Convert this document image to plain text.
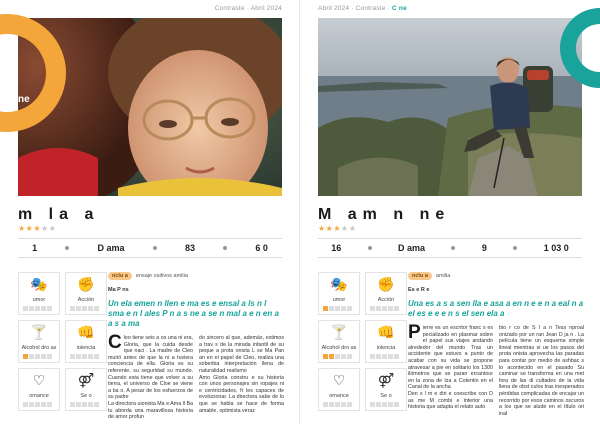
Contraste · Abril 2024
C ne
m la a
★★★★★
1	D ama	83	6 0
🎭
umor
✊
Acción
🍸
Alcohol dro as
👊
iolencia
♡
omance
⚤
Se o
nclu a	ensaje ositivos amilia
Ma P ns
Un ela emen n llen e ma es e ensal a ls n l sma e n l ales P n a s ne a se n mal a e n en a a s a ma
C leo tiene seis a os una ni era, Gloria, que la cuida desde que naci . La madre de Cleo murió antes de que la ni a tuviera conciencia de ella. Gloria es su referente, su seguridad su mundo. Cuando esta tiene que volver a su tierra, el universo de Cloe se viene a ba o. A pesar de los esfuerzos de su padre

La directora uionista Ma e Ama ll Ba tu aborda una maravillosa historia de amor profun

do sincero al que, además, estimos a trav s de la mirada infantil de su peque a prota onista L se Ma Pan an en el papel de Cleo, realiza una soberbia interpretación llena de naturalidad realismo

Amo Gloria constru e su historia con unos personajes sin ropajes ni e centricidades, fr les capaces de evolucionar. La directora sabe de lo que se habla se hace de forma amable, optimista veraz

Abril 2024 · Contraste · C ne
M am n ne
★★★★★
16	D ama	9	1 03 0
🎭
umor
✊
Acción
🍸
Alcohol dro as
👊
iolencia
♡
omance
⚤
Se o
nclu a	amilia
Es e R e
Una es a s a sen lla e asa a en n e e n a eal n a el es e e e n s el sen ela a
P ierre es un escritor franc s es pecializado en plasmar sobre el papel sus viajes andando alrededor del mundo Tras un accidente que estuvo a punto de acabar con su vida se propone atravesar a pie en solitario los 1300 ilómetros que se paran ercantour en la zona de Iza a Cotentin en el Canal de la ancha

Den s l m e diri e coescribe con D as me M combi e interior una historia que adapta el relato auto

bio r co de S l a n Tess nproal onizado por un ran Jean D ja n . La película tiene un esquema simple lineal mientras si ue los pasos del prota onista aprovecha las paradas para contar por medio de ashbac s lo acontecido en el pasado Su caminar se transforma en una met fora de las di cultades de la vida llena de obst culos tras inesperados pérdidas complicadas de encajar un recorrido por esos caminos oscuros a los que se alude en el título ori inal
